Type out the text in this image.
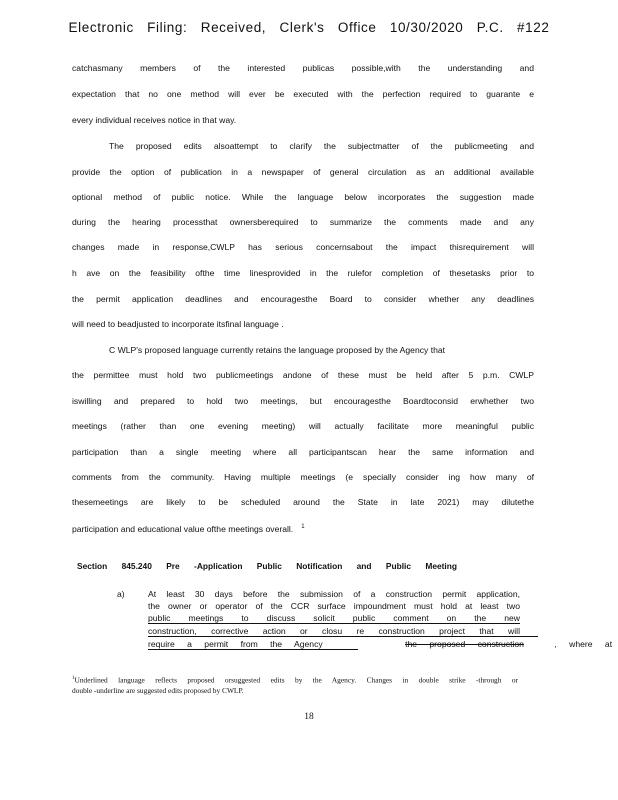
Electronic Filing: Received, Clerk's Office 10/30/2020 P.C. #122
catchasmany members of the interested publicas possible,with the understanding and
expectation that no one method will ever be executed with the perfection required to guarante e
every individual receives notice in that way.
The proposed edits alsoattempt to clarify the subjectmatter of the publicmeeting and
provide the option of publication in a newspaper of general circulation as an additional available
optional method of public notice. While the language below incorporates the suggestion made
during the hearing processthat ownersberequired to summarize the comments made and any
changes made in response,CWLP has serious concernsabout the impact thisrequirement will
h ave on the feasibility ofthe time linesprovided in the rulefor completion of thesetasks prior to
the permit application deadlines and encouragesthe Board to consider whether any deadlines
will need to beadjusted to incorporate itsfinal language .
C WLP's proposed language currently retains the language proposed by the Agency that
the permittee must hold two publicmeetings andone of these must be held after 5 p.m. CWLP
iswilling and prepared to hold two meetings, but encouragesthe Boardtoconsid erwhether two
meetings (rather than one evening meeting) will actually facilitate more meaningful public
participation than a single meeting where all participantscan hear the same information and
comments from the community. Having multiple meetings (e specially consider ing how many of
thesemeetings are likely to be scheduled around the State in late 2021) may dilutethe
participation and educational value ofthe meetings overall. $^1$
Section 845.240 Pre -Application Public Notification and Public Meeting
a)	At least 30 days before the submission of a construction permit application,
the owner or operator of the CCR surface impoundment must hold at least two
public meetings to discuss solicit public comment on the new
construction, corrective action or closu re construction project that will
require a permit from the Agency	the proposed construction	, where at
$^1$Underlined language reflects proposed orsuggested edits by the Agency. Changes in double strike -through or
double -underline are suggested edits proposed by CWLP.
18
